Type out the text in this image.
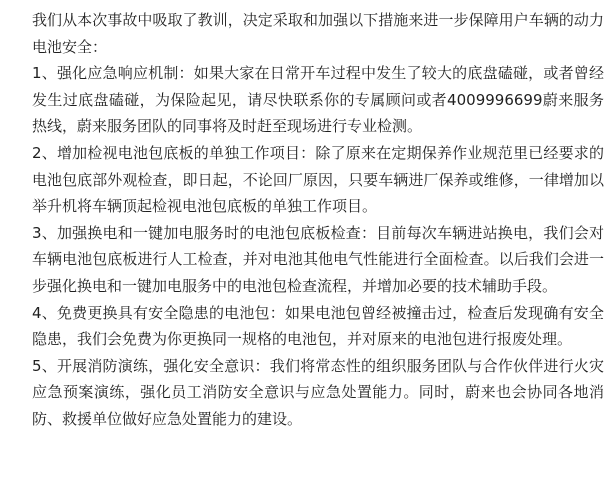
我们从本次事故中吸取了教训，决定采取和加强以下措施来进一步保障用户车辆的动力电池安全：

1、强化应急响应机制：如果大家在日常开车过程中发生了较大的底盘磕碰，或者曾经发生过底盘磕碰，为保险起见，请尽快联系你的专属顾问或者4009996699蔚来服务热线，蔚来服务团队的同事将及时赶至现场进行专业检测。

2、增加检视电池包底板的单独工作项目：除了原来在定期保养作业规范里已经要求的电池包底部外观检查，即日起，不论回厂原因，只要车辆进厂保养或维修，一律增加以举升机将车辆顶起检视电池包底板的单独工作项目。

3、加强换电和一键加电服务时的电池包底板检查：目前每次车辆进站换电，我们会对车辆电池包底板进行人工检查，并对电池其他电气性能进行全面检查。以后我们会进一步强化换电和一键加电服务中的电池包检查流程，并增加必要的技术辅助手段。

4、免费更换具有安全隐患的电池包：如果电池包曾经被撞击过，检查后发现确有安全隐患，我们会免费为你更换同一规格的电池包，并对原来的电池包进行报废处理。

5、开展消防演练，强化安全意识：我们将常态性的组织服务团队与合作伙伴进行火灾应急预案演练，强化员工消防安全意识与应急处置能力。同时，蔚来也会协同各地消防、救援单位做好应急处置能力的建设。
